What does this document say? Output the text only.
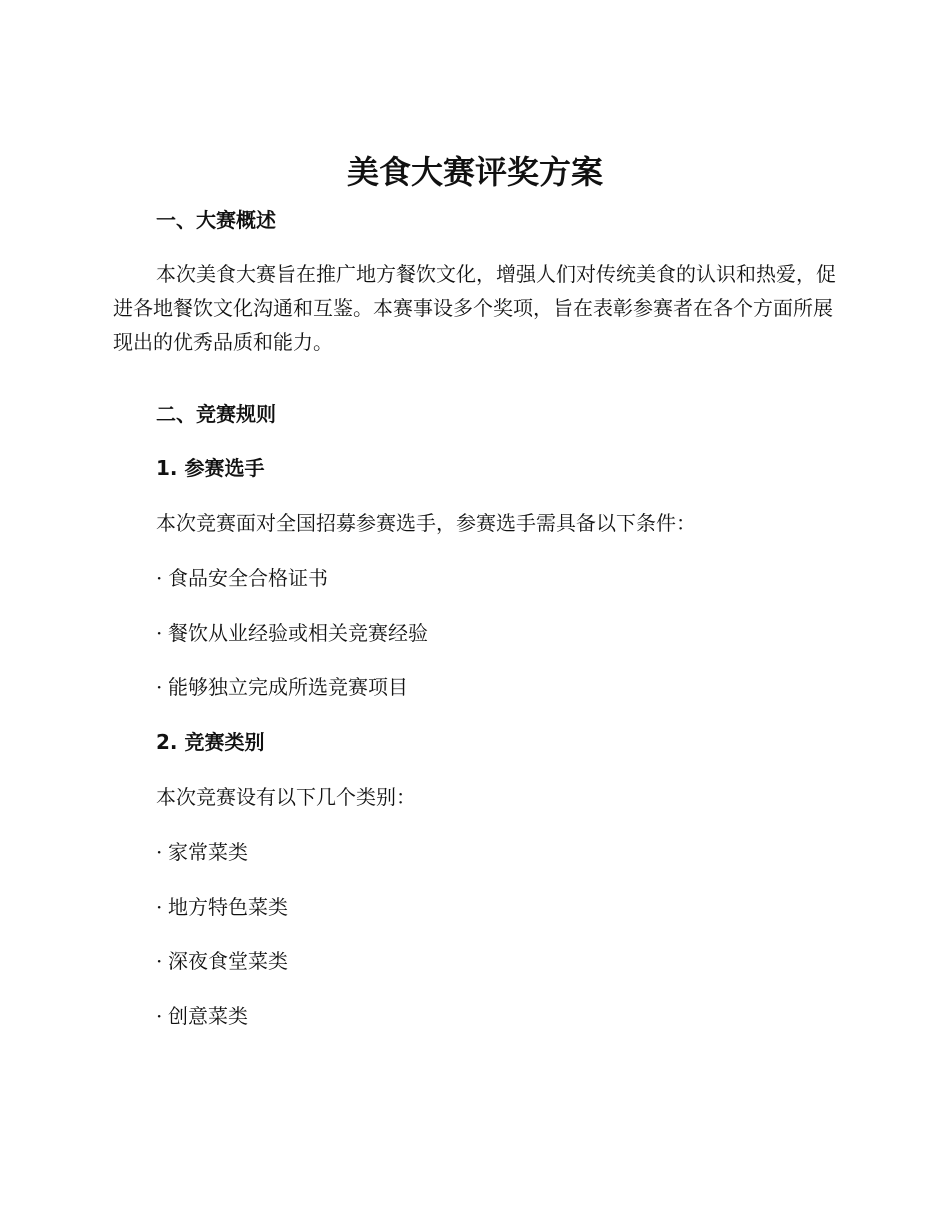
美食大赛评奖方案
一、大赛概述

本次美食大赛旨在推广地方餐饮文化，增强人们对传统美食的认识和热爱，促进各地餐饮文化沟通和互鉴。本赛事设多个奖项，旨在表彰参赛者在各个方面所展现出的优秀品质和能力。

二、竞赛规则
1. 参赛选手

本次竞赛面对全国招募参赛选手，参赛选手需具备以下条件：

· 食品安全合格证书

· 餐饮从业经验或相关竞赛经验

· 能够独立完成所选竞赛项目

2. 竞赛类别

本次竞赛设有以下几个类别：

· 家常菜类

· 地方特色菜类

· 深夜食堂菜类

· 创意菜类
